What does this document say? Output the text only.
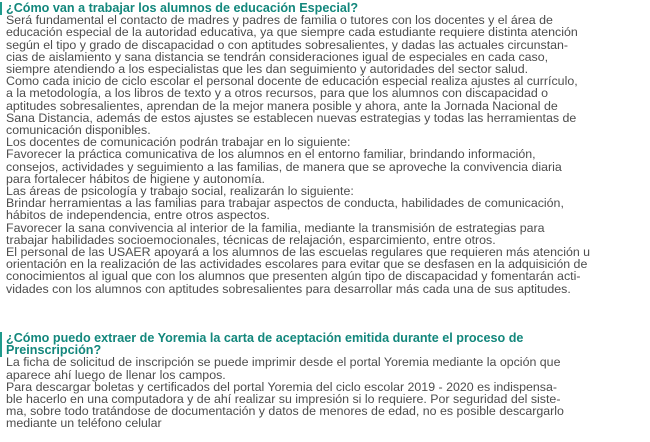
¿Cómo van a trabajar los alumnos de educación Especial?
Será fundamental el contacto de madres y padres de familia o tutores con los docentes y el área de
educación especial de la autoridad educativa, ya que siempre cada estudiante requiere distinta atención
según el tipo y grado de discapacidad o con aptitudes sobresalientes, y dadas las actuales circunstan-
cias de aislamiento y sana distancia se tendrán consideraciones igual de especiales en cada caso,
siempre atendiendo a los especialistas que les dan seguimiento y autoridades del sector salud.
Como cada inicio de ciclo escolar el personal docente de educación especial realiza ajustes al currículo,
a la metodología, a los libros de texto y a otros recursos, para que los alumnos con discapacidad o
aptitudes sobresalientes, aprendan de la mejor manera posible y ahora, ante la Jornada Nacional de
Sana Distancia, además de estos ajustes se establecen nuevas estrategias y todas las herramientas de
comunicación disponibles.
Los docentes de comunicación podrán trabajar en lo siguiente:
Favorecer la práctica comunicativa de los alumnos en el entorno familiar, brindando información,
consejos, actividades y seguimiento a las familias, de manera que se aproveche la convivencia diaria
para fortalecer hábitos de higiene y autonomía.
Las áreas de psicología y trabajo social, realizarán lo siguiente:
Brindar herramientas a las familias para trabajar aspectos de conducta, habilidades de comunicación,
hábitos de independencia, entre otros aspectos.
Favorecer la sana convivencia al interior de la familia, mediante la transmisión de estrategias para
trabajar habilidades socioemocionales, técnicas de relajación, esparcimiento, entre otros.
El personal de las USAER apoyará a los alumnos de las escuelas regulares que requieren más atención u
orientación en la realización de las actividades escolares para evitar que se desfasen en la adquisición de
conocimientos al igual que con los alumnos que presenten algún tipo de discapacidad y fomentarán acti-
vidades con los alumnos con aptitudes sobresalientes para desarrollar más cada una de sus aptitudes.
¿Cómo puedo extraer de Yoremia la carta de aceptación emitida durante el proceso de
Preinscripción?
La ficha de solicitud de inscripción se puede imprimir desde el portal Yoremia mediante la opción que
aparece ahí luego de llenar los campos.
Para descargar boletas y certificados del portal Yoremia del ciclo escolar 2019 - 2020 es indispensa-
ble hacerlo en una computadora y de ahí realizar su impresión si lo requiere. Por seguridad del siste-
ma, sobre todo tratándose de documentación y datos de menores de edad, no es posible descargarlo
mediante un teléfono celular
